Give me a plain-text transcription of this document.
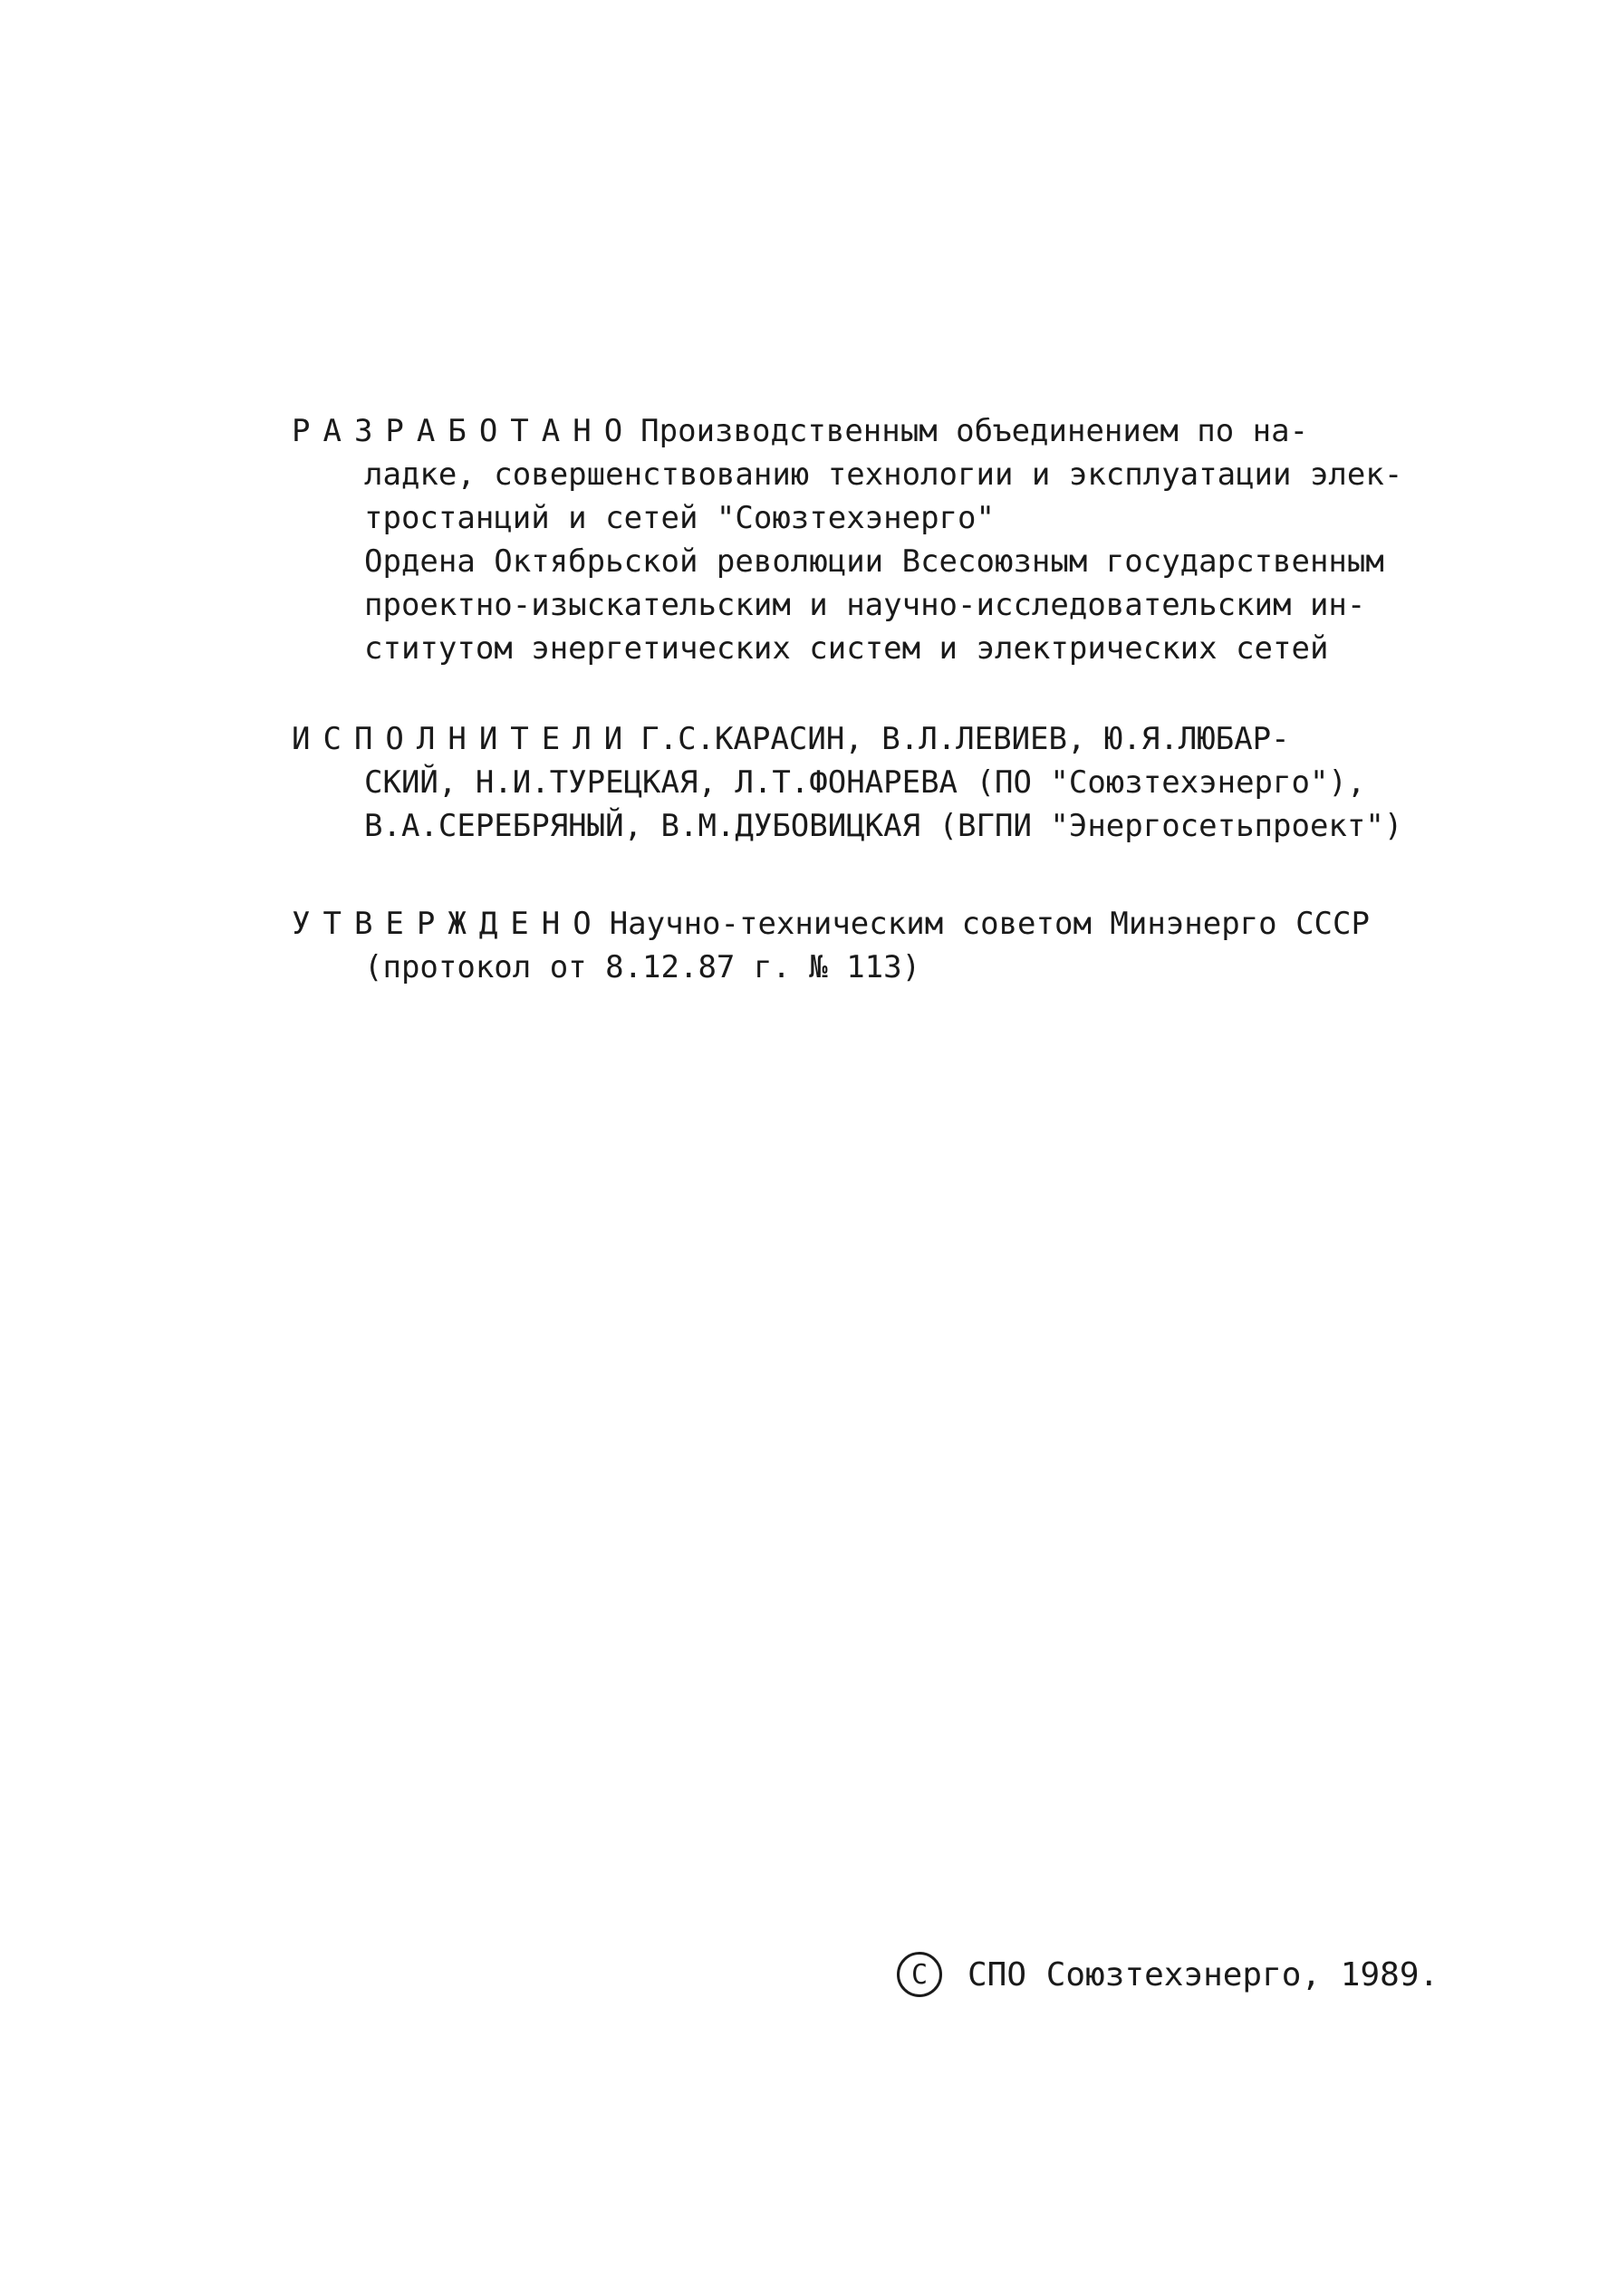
РАЗРАБОТАНО Производственным объединением по на-
ладке, совершенствованию технологии и эксплуатации элек-
тростанций и сетей "Союзтехэнерго"
Ордена Октябрьской революции Всесоюзным государственным
проектно-изыскательским и научно-исследовательским ин-
ститутом энергетических систем и электрических сетей
ИСПОЛНИТЕЛИ Г.С.КАРАСИН, В.Л.ЛЕВИЕВ, Ю.Я.ЛЮБАР-
СКИЙ, Н.И.ТУРЕЦКАЯ, Л.Т.ФОНАРЕВА (ПО "Союзтехэнерго"),
В.А.СЕРЕБРЯНЫЙ, В.М.ДУБОВИЦКАЯ (ВГПИ "Энергосетьпроект")
УТВЕРЖДЕНО Научно-техническим советом Минэнерго СССР
(протокол от 8.12.87 г. № 113)
C	СПО Союзтехэнерго, 1989.
